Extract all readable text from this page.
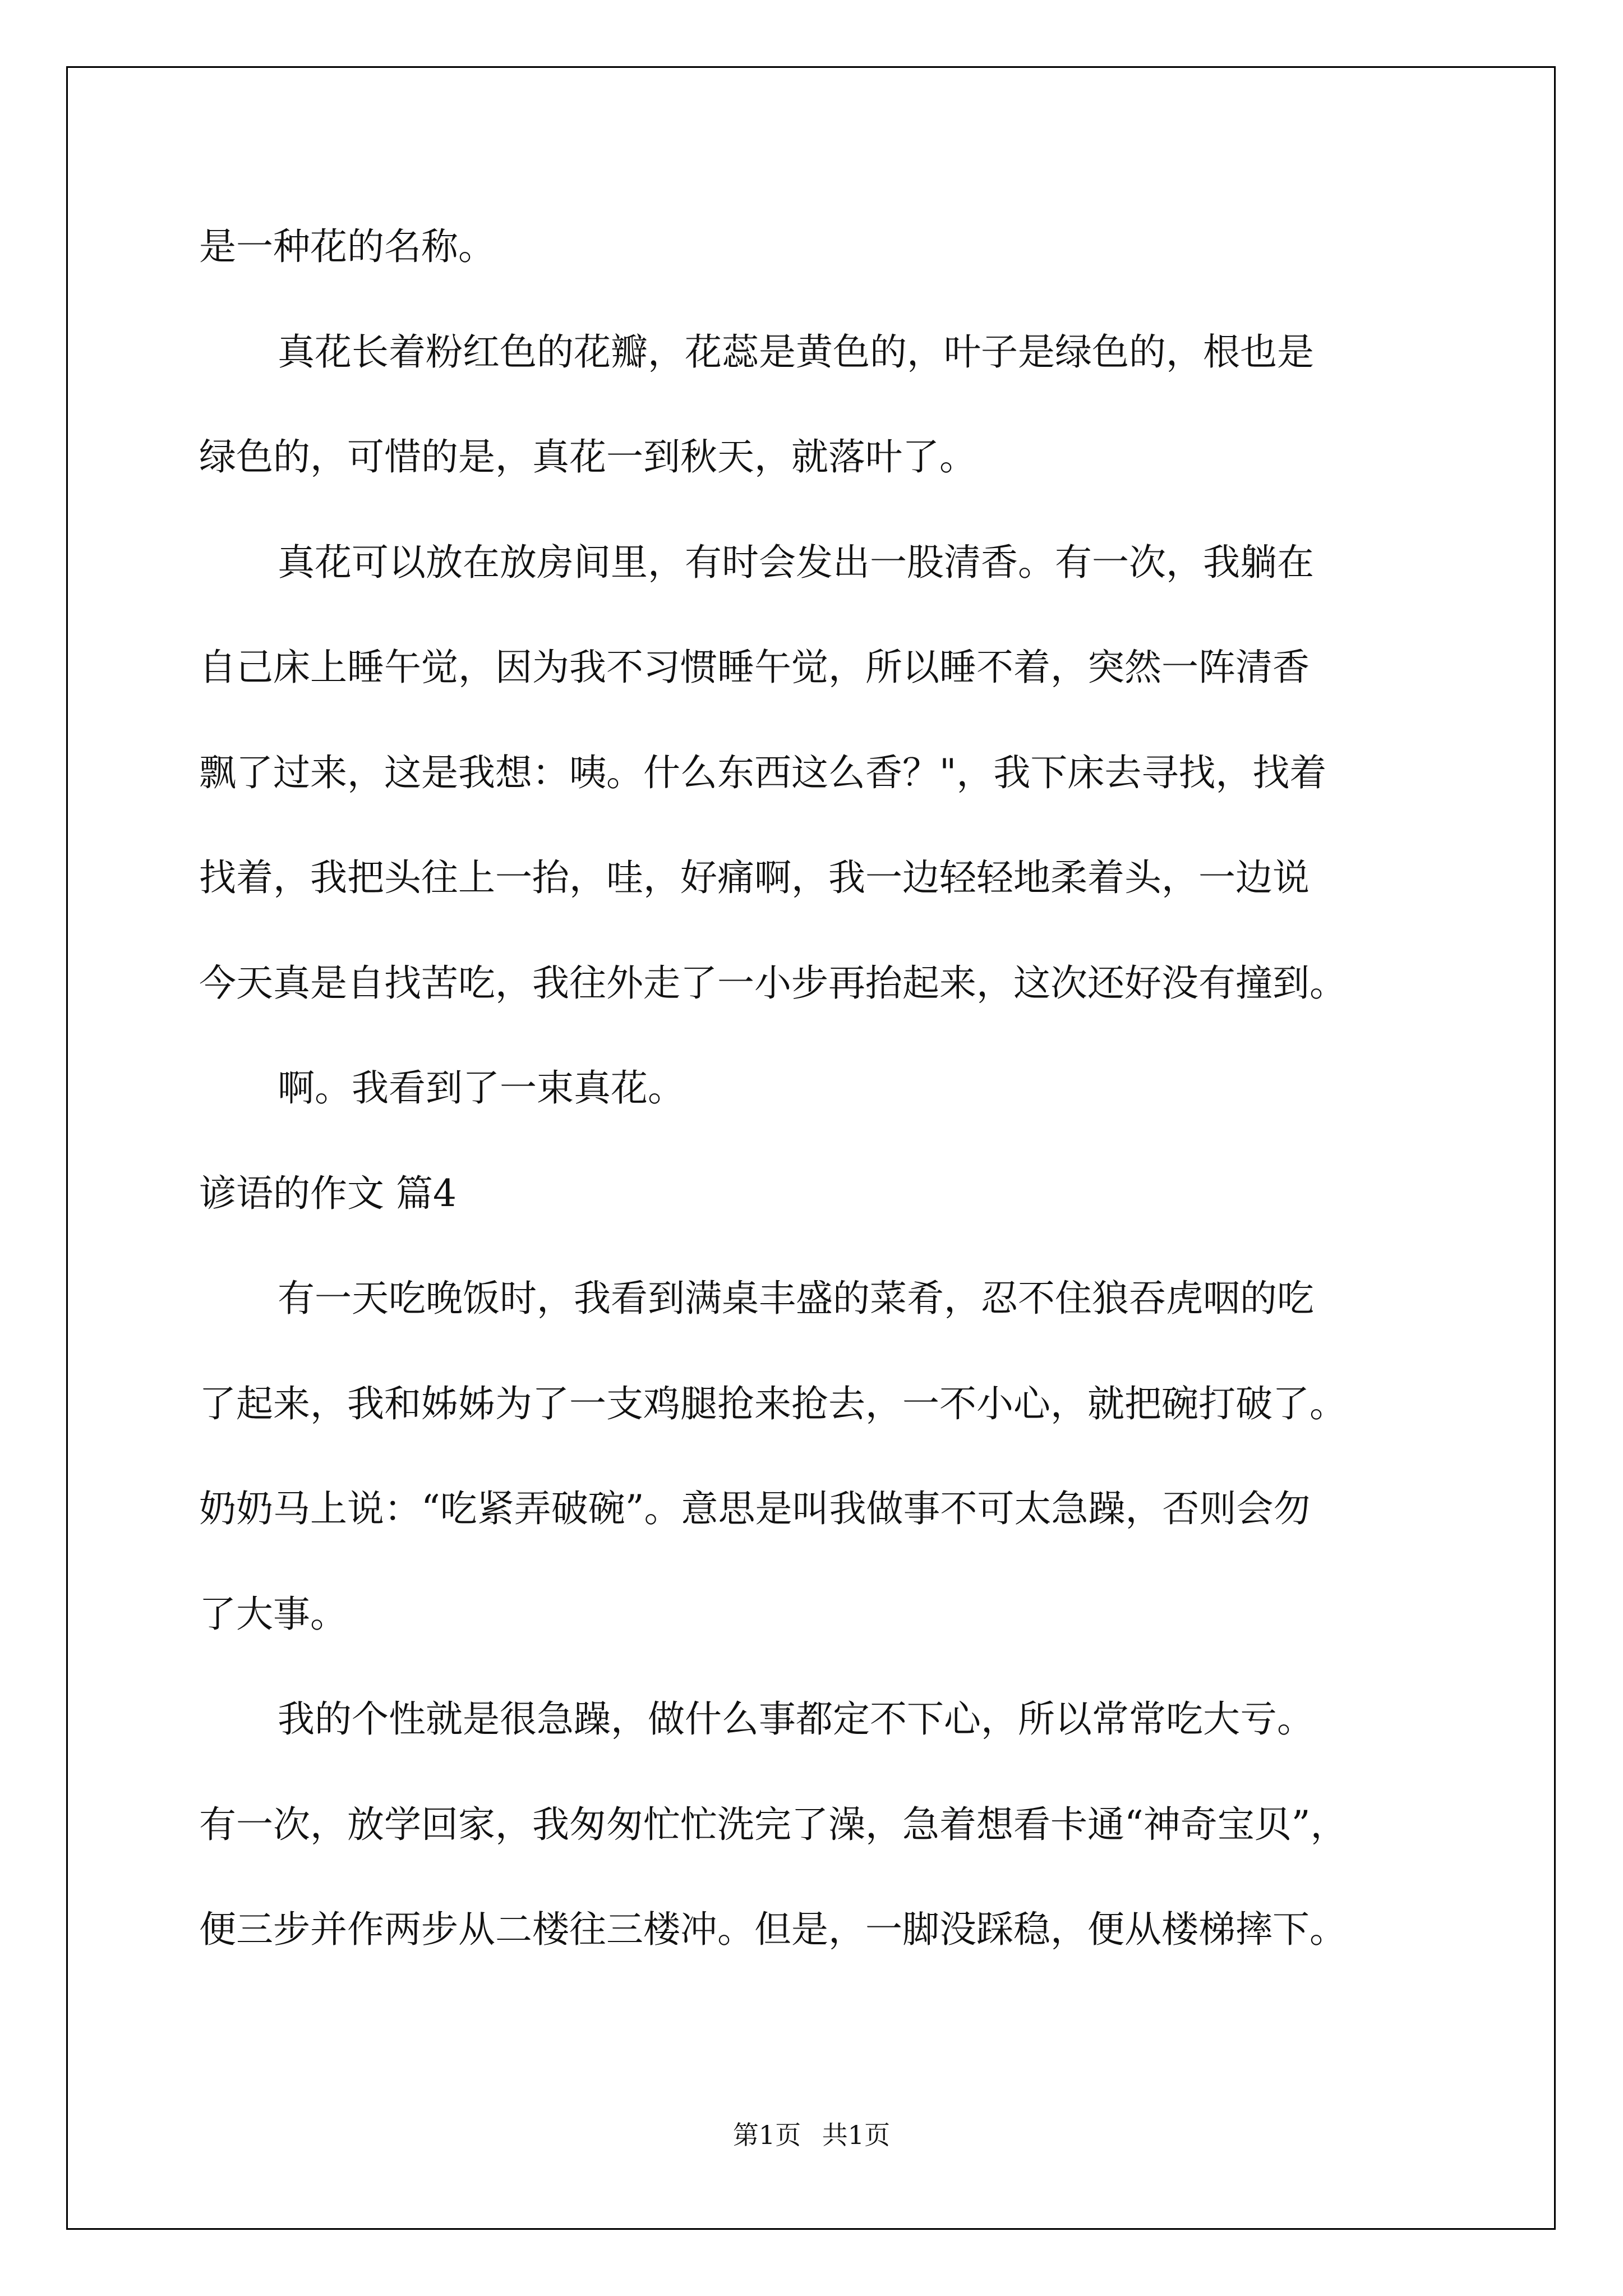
是一种花的名称。
真花长着粉红色的花瓣，花蕊是黄色的，叶子是绿色的，根也是
绿色的，可惜的是，真花一到秋天，就落叶了。
真花可以放在放房间里，有时会发出一股清香。有一次，我躺在
自己床上睡午觉，因为我不习惯睡午觉，所以睡不着，突然一阵清香
飘了过来，这是我想：咦。什么东西这么香？"，我下床去寻找，找着
找着，我把头往上一抬，哇，好痛啊，我一边轻轻地柔着头，一边说
今天真是自找苦吃，我往外走了一小步再抬起来，这次还好没有撞到。
啊。我看到了一束真花。
谚语的作文 篇4
有一天吃晚饭时，我看到满桌丰盛的菜肴，忍不住狼吞虎咽的吃
了起来，我和姊姊为了一支鸡腿抢来抢去，一不小心，就把碗打破了。
奶奶马上说：“吃紧弄破碗”。意思是叫我做事不可太急躁，否则会勿
了大事。
我的个性就是很急躁，做什么事都定不下心，所以常常吃大亏。
有一次，放学回家，我匆匆忙忙洗完了澡，急着想看卡通“神奇宝贝”，
便三步并作两步从二楼往三楼冲。但是，一脚没踩稳，便从楼梯摔下。
第1页 共1页
